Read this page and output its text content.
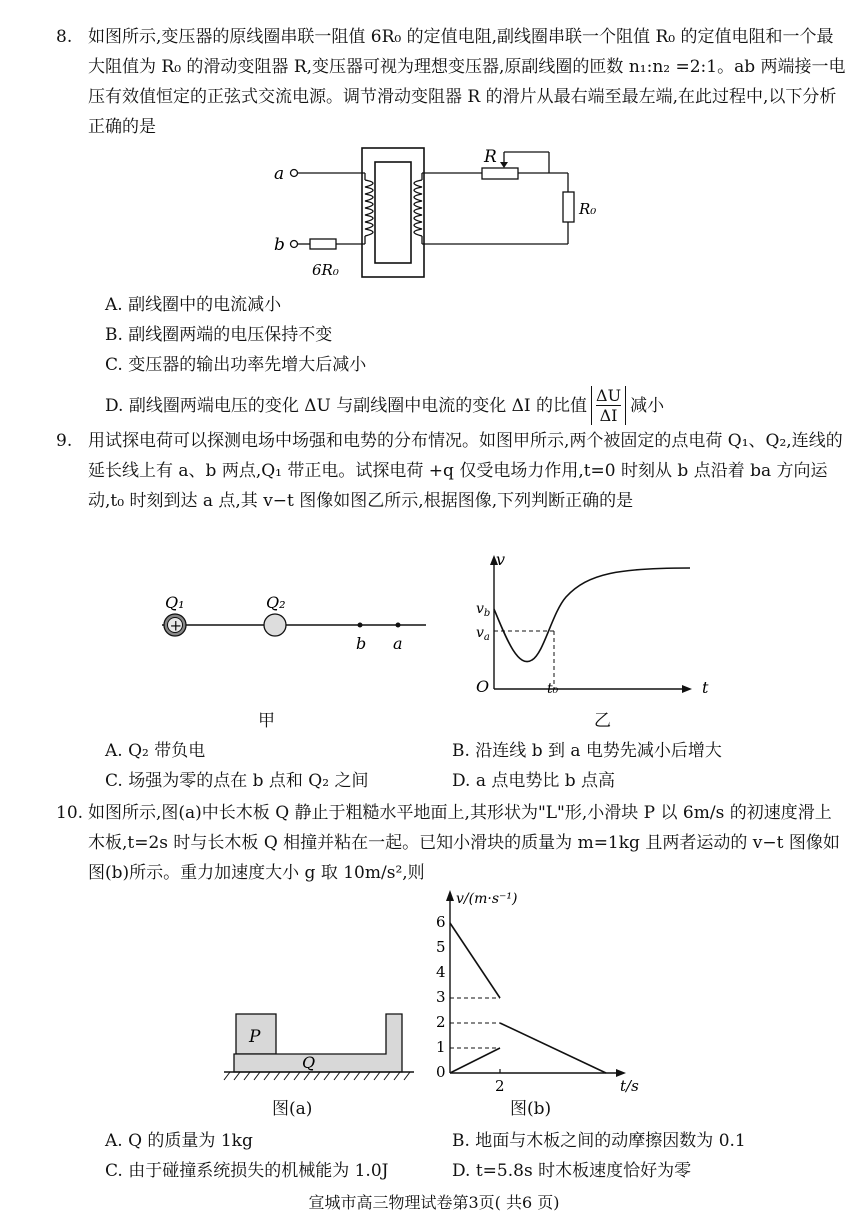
8. 如图所示,变压器的原线圈串联一阻值 6R₀ 的定值电阻,副线圈串联一个阻值 R₀ 的定值电阻和一个最大阻值为 R₀ 的滑动变阻器 R,变压器可视为理想变压器,原副线圈的匝数 n₁:n₂ =2:1。ab 两端接一电压有效值恒定的正弦式交流电源。调节滑动变阻器 R 的滑片从最右端至最左端,在此过程中,以下分析正确的是
a
b
6R₀
R
R₀
A. 副线圈中的电流减小
B. 副线圈两端的电压保持不变
C. 变压器的输出功率先增大后减小
D. 副线圈两端电压的变化 ΔU 与副线圈中电流的变化 ΔI 的比值 $\frac{\Delta U}{\Delta I}$ 减小
9. 用试探电荷可以探测电场中场强和电势的分布情况。如图甲所示,两个被固定的点电荷 Q₁、Q₂,连线的延长线上有 a、b 两点,Q₁ 带正电。试探电荷 +q 仅受电场力作用,t=0 时刻从 b 点沿着 ba 方向运动,t₀ 时刻到达 a 点,其 v−t 图像如图乙所示,根据图像,下列判断正确的是
+
Q₁	Q₂
b a
甲
v
$v_b$
$v_a$
O	t₀	t
乙
A. Q₂ 带负电	B. 沿连线 b 到 a 电势先减小后增大
C. 场强为零的点在 b 点和 Q₂ 之间	D. a 点电势比 b 点高
10. 如图所示,图(a)中长木板 Q 静止于粗糙水平地面上,其形状为"L"形,小滑块 P 以 6m/s 的初速度滑上木板,t=2s 时与长木板 Q 相撞并粘在一起。已知小滑块的质量为 m=1kg 且两者运动的 v−t 图像如图(b)所示。重力加速度大小 g 取 10m/s²,则
P
Q
图(a)
0
1
2
3
4
5
6
2
v/(m·s⁻¹)
t/s
图(b)
A. Q 的质量为 1kg	B. 地面与木板之间的动摩擦因数为 0.1
C. 由于碰撞系统损失的机械能为 1.0J	D. t=5.8s 时木板速度恰好为零
宣城市高三物理试卷第3页( 共6 页)
